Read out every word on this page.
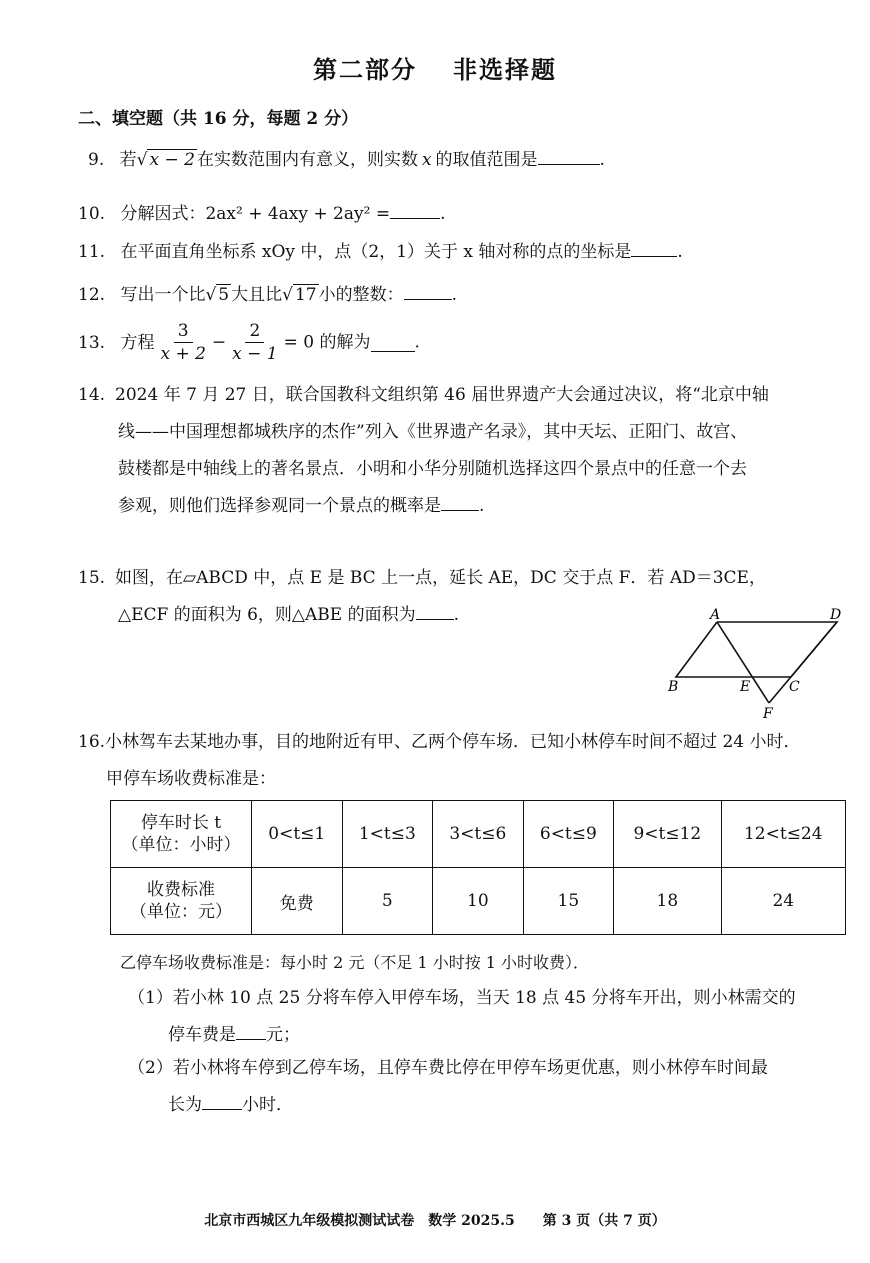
第二部分 非选择题
二、填空题（共 16 分，每题 2 分）
9. 若√ x − 2 在实数范围内有意义，则实数 x 的取值范围是	.
10. 分解因式：2ax² + 4axy + 2ay² =	.
11. 在平面直角坐标系 xOy 中，点（2，1）关于 x 轴对称的点的坐标是	.
12. 写出一个比√ 5 大且比√ 17 小的整数：	.
13. 方程 $\frac{3}{x + 2} - \frac{2}{x - 1} = 0$ 的解为	.
14. 2024 年 7 月 27 日，联合国教科文组织第 46 届世界遗产大会通过决议，将“北京中轴
线——中国理想都城秩序的杰作”列入《世界遗产名录》，其中天坛、正阳门、故宫、
鼓楼都是中轴线上的著名景点．小明和小华分别随机选择这四个景点中的任意一个去
参观，则他们选择参观同一个景点的概率是 .
15. 如图，在▱ABCD 中，点 E 是 BC 上一点，延长 AE，DC 交于点 F．若 AD＝3CE，
△ECF 的面积为 6，则△ABE 的面积为 .	A	D
B	E	C
F
16.小林驾车去某地办事，目的地附近有甲、乙两个停车场．已知小林停车时间不超过 24 小时．
甲停车场收费标准是：
停车时长 t
（单位：小时）	0<t≤1	1<t≤3	3<t≤6	6<t≤9	9<t≤12	12<t≤24

收费标准
（单位：元）	免费	5	10	15	18	24
乙停车场收费标准是：每小时 2 元（不足 1 小时按 1 小时收费）．
（1）若小林 10 点 25 分将车停入甲停车场，当天 18 点 45 分将车开出，则小林需交的
停车费是 元；
（2）若小林将车停到乙停车场，且停车费比停在甲停车场更优惠，则小林停车时间最
长为 小时．
北京市西城区九年级模拟测试试卷　数学 2025.5　　第 3 页（共 7 页）
